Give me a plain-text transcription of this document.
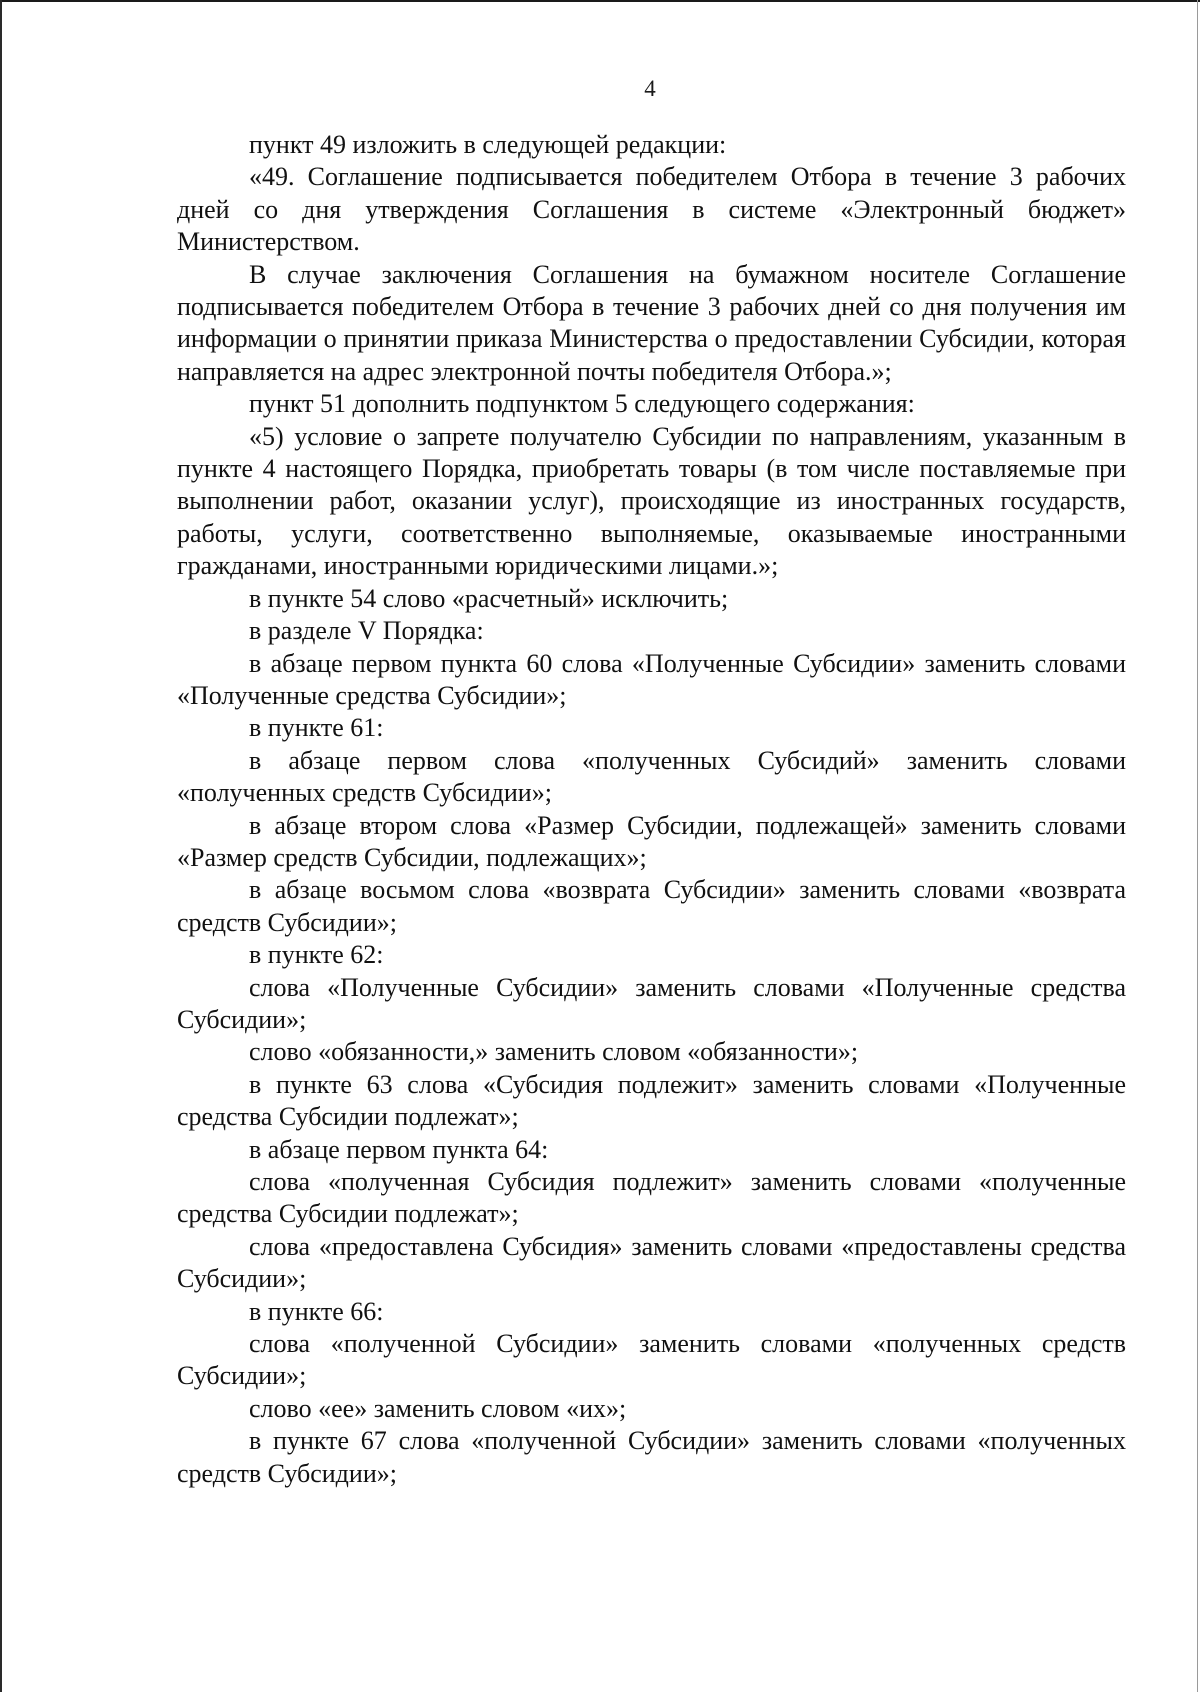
4

пункт 49 изложить в следующей редакции:

«49. Соглашение подписывается победителем Отбора в течение 3 рабочих дней со дня утверждения Соглашения в системе «Электронный бюджет» Министерством.

В случае заключения Соглашения на бумажном носителе Соглашение подписывается победителем Отбора в течение 3 рабочих дней со дня получения им информации о принятии приказа Министерства о предоставлении Субсидии, которая направляется на адрес электронной почты победителя Отбора.»;

пункт 51 дополнить подпунктом 5 следующего содержания:

«5) условие о запрете получателю Субсидии по направлениям, указанным в пункте 4 настоящего Порядка, приобретать товары (в том числе поставляемые при выполнении работ, оказании услуг), происходящие из иностранных государств, работы, услуги, соответственно выполняемые, оказываемые иностранными гражданами, иностранными юридическими лицами.»;

в пункте 54 слово «расчетный» исключить;

в разделе V Порядка:

в абзаце первом пункта 60 слова «Полученные Субсидии» заменить словами «Полученные средства Субсидии»;

в пункте 61:

в абзаце первом слова «полученных Субсидий» заменить словами «полученных средств Субсидии»;

в абзаце втором слова «Размер Субсидии, подлежащей» заменить словами «Размер средств Субсидии, подлежащих»;

в абзаце восьмом слова «возврата Субсидии» заменить словами «возврата средств Субсидии»;

в пункте 62:

слова «Полученные Субсидии» заменить словами «Полученные средства Субсидии»;

слово «обязанности,» заменить словом «обязанности»;

в пункте 63 слова «Субсидия подлежит» заменить словами «Полученные средства Субсидии подлежат»;

в абзаце первом пункта 64:

слова «полученная Субсидия подлежит» заменить словами «полученные средства Субсидии подлежат»;

слова «предоставлена Субсидия» заменить словами «предоставлены средства Субсидии»;

в пункте 66:

слова «полученной Субсидии» заменить словами «полученных средств Субсидии»;

слово «ее» заменить словом «их»;

в пункте 67 слова «полученной Субсидии» заменить словами «полученных средств Субсидии»;
